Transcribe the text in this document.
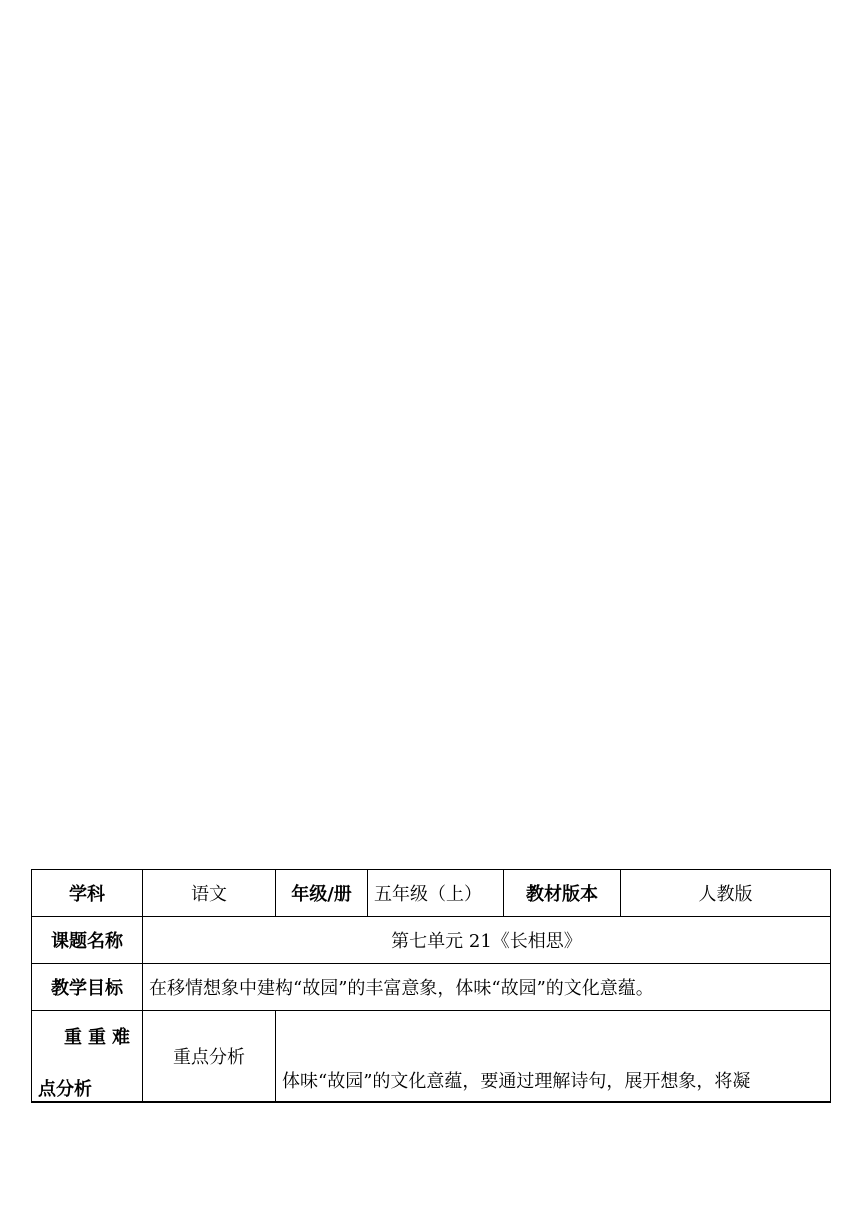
学科	语文	年级/册	五年级（上）	教材版本	人教版
课题名称	第七单元 21《长相思》				
教学目标	在移情想象中建构“故园”的丰富意象，体味“故园”的文化意蕴。				

重重难
点分析	重点分析	体味“故园”的文化意蕴，要通过理解诗句，展开想象，将凝			
